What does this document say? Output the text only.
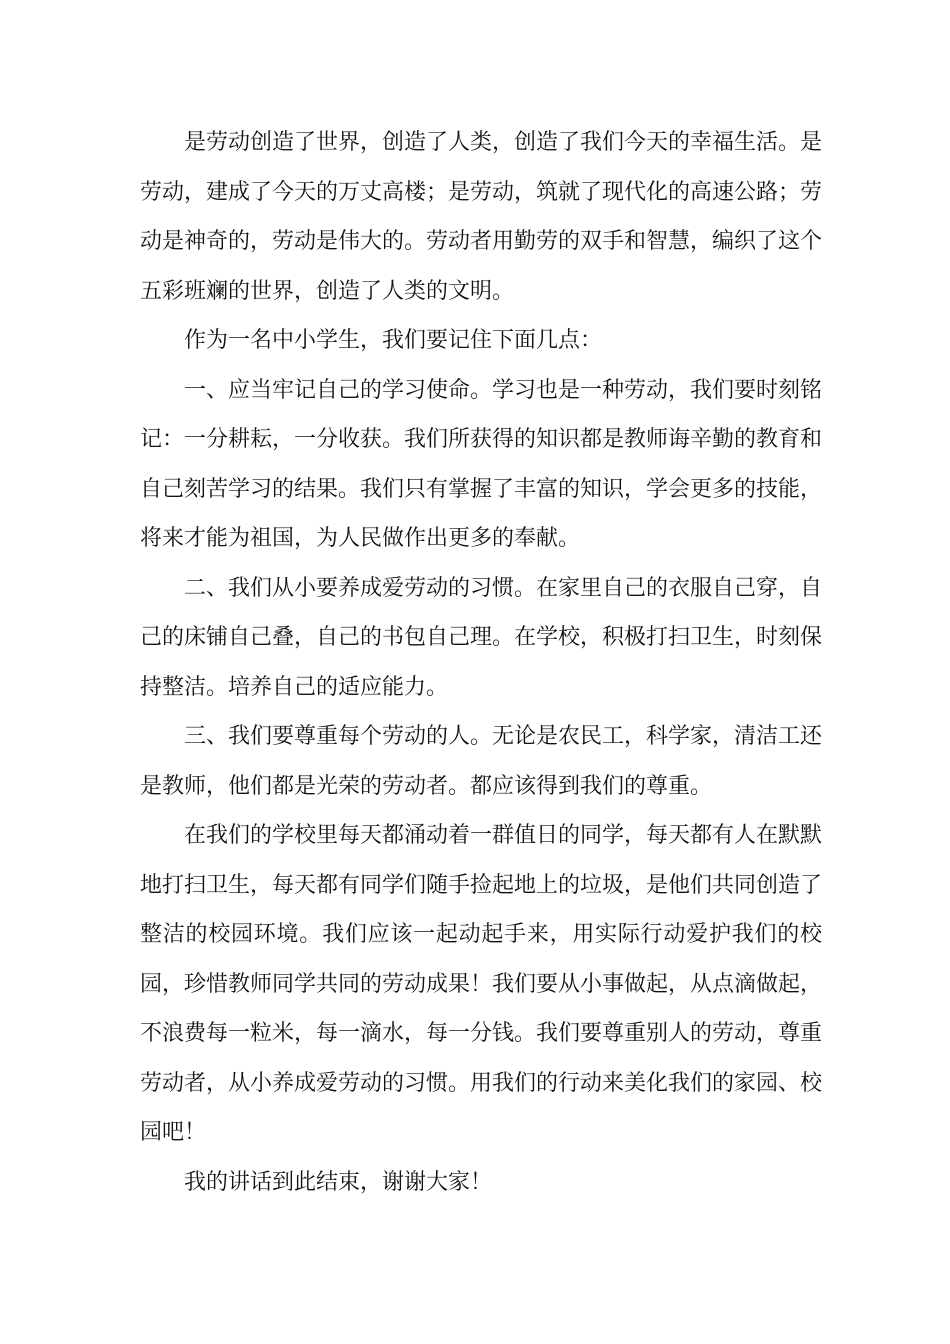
是劳动创造了世界，创造了人类，创造了我们今天的幸福生活。是劳动，建成了今天的万丈高楼；是劳动，筑就了现代化的高速公路；劳动是神奇的，劳动是伟大的。劳动者用勤劳的双手和智慧，编织了这个五彩班斓的世界，创造了人类的文明。

作为一名中小学生，我们要记住下面几点：

一、应当牢记自己的学习使命。学习也是一种劳动，我们要时刻铭记：一分耕耘，一分收获。我们所获得的知识都是教师诲辛勤的教育和自己刻苦学习的结果。我们只有掌握了丰富的知识，学会更多的技能，将来才能为祖国，为人民做作出更多的奉献。

二、我们从小要养成爱劳动的习惯。在家里自己的衣服自己穿，自己的床铺自己叠，自己的书包自己理。在学校，积极打扫卫生，时刻保持整洁。培养自己的适应能力。

三、我们要尊重每个劳动的人。无论是农民工，科学家，清洁工还是教师，他们都是光荣的劳动者。都应该得到我们的尊重。

在我们的学校里每天都涌动着一群值日的同学，每天都有人在默默地打扫卫生，每天都有同学们随手捡起地上的垃圾，是他们共同创造了整洁的校园环境。我们应该一起动起手来，用实际行动爱护我们的校园，珍惜教师同学共同的劳动成果！我们要从小事做起，从点滴做起，不浪费每一粒米，每一滴水，每一分钱。我们要尊重别人的劳动，尊重劳动者，从小养成爱劳动的习惯。用我们的行动来美化我们的家园、校园吧！

我的讲话到此结束，谢谢大家！
